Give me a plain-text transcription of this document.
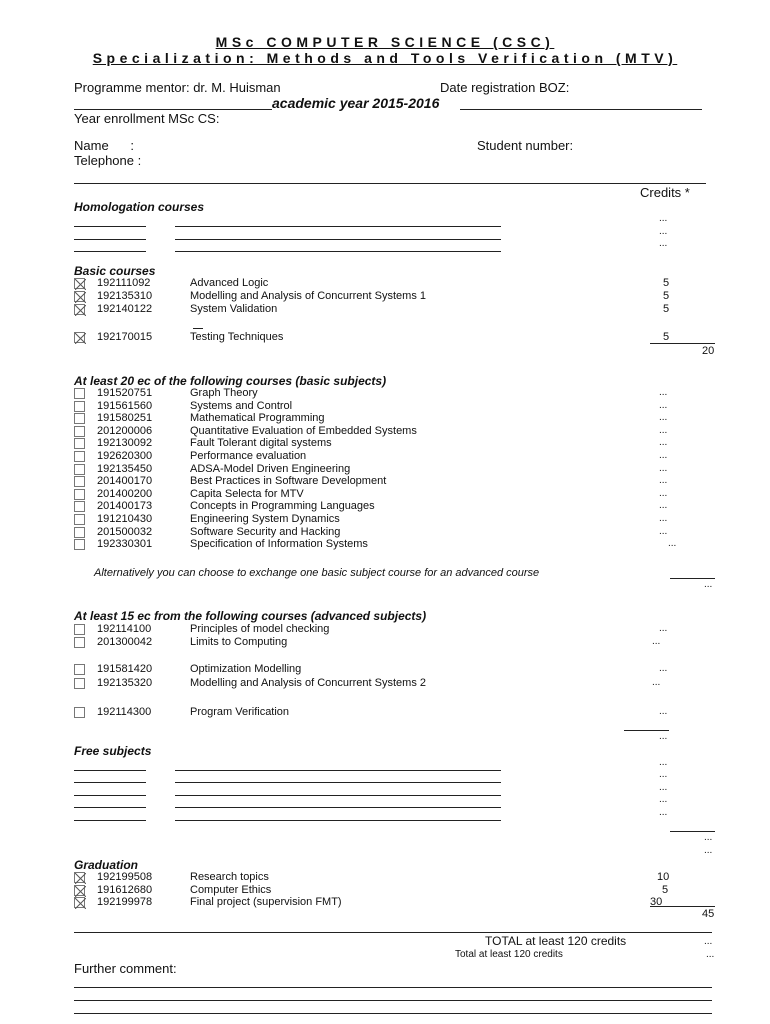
MSc COMPUTER SCIENCE (CSC)
Specialization: Methods and Tools Verification (MTV)
Programme mentor: dr. M. Huisman	Date registration BOZ:
academic year 2015-2016
Year enrollment MSc CS:
Name      :
Telephone :
Student number:
Credits *
Homologation courses
...
...
...
Basic courses
192111092	Advanced Logic	5
192135310	Modelling and Analysis of Concurrent Systems 1	5
192140122	System Validation	5
192170015	Testing Techniques	5
20
At least 20 ec of the following courses (basic subjects)
191520751	Graph Theory	...
191561560	Systems and Control	...
191580251	Mathematical Programming	...
201200006	Quantitative Evaluation of Embedded Systems	...
192130092	Fault Tolerant digital systems	...
192620300	Performance evaluation	...
192135450	ADSA-Model Driven Engineering	...
201400170	Best Practices in Software Development	...
201400200	Capita Selecta for MTV	...
201400173	Concepts in Programming Languages	...
191210430	Engineering System Dynamics	...
201500032	Software Security and Hacking	...
192330301	Specification of Information Systems	...
Alternatively you can choose to exchange one basic subject course for an advanced course
...
At least 15 ec from the following courses (advanced subjects)
192114100	Principles of model checking	...
201300042	Limits to Computing	...
191581420	Optimization Modelling	...
192135320	Modelling and Analysis of Concurrent Systems 2	...
192114300	Program Verification	...
...
Free subjects
...
...
...
...
...
...
...
Graduation
192199508	Research topics	10
191612680	Computer Ethics	5
192199978	Final project (supervision FMT)	30
45
TOTAL at least 120 credits	...
Total at least 120 credits	...
Further comment:
